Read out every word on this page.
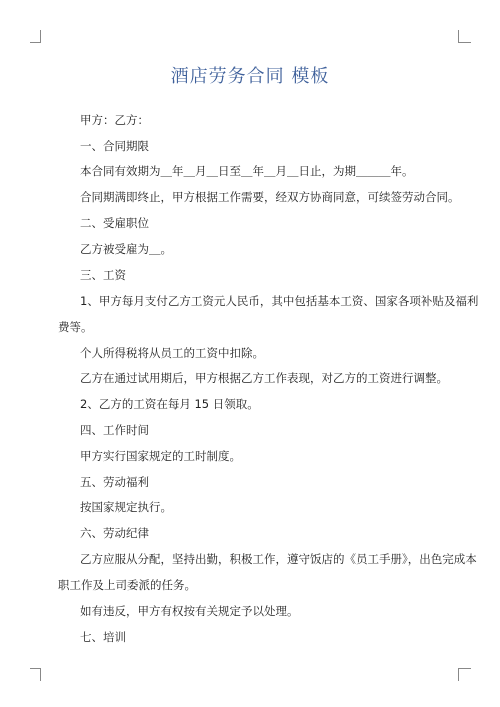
酒店劳务合同 模板
甲方：乙方：
一、合同期限
本合同有效期为＿年＿月＿日至＿年＿月＿日止，为期＿＿＿年。
合同期满即终止，甲方根据工作需要，经双方协商同意，可续签劳动合同。
二、受雇职位
乙方被受雇为＿。
三、工资
1、甲方每月支付乙方工资元人民币，其中包括基本工资、国家各项补贴及福利
费等。
个人所得税将从员工的工资中扣除。
乙方在通过试用期后，甲方根据乙方工作表现，对乙方的工资进行调整。
2、乙方的工资在每月 15 日领取。
四、工作时间
甲方实行国家规定的工时制度。
五、劳动福利
按国家规定执行。
六、劳动纪律
乙方应服从分配，坚持出勤，积极工作，遵守饭店的《员工手册》，出色完成本
职工作及上司委派的任务。
如有违反，甲方有权按有关规定予以处理。
七、培训
